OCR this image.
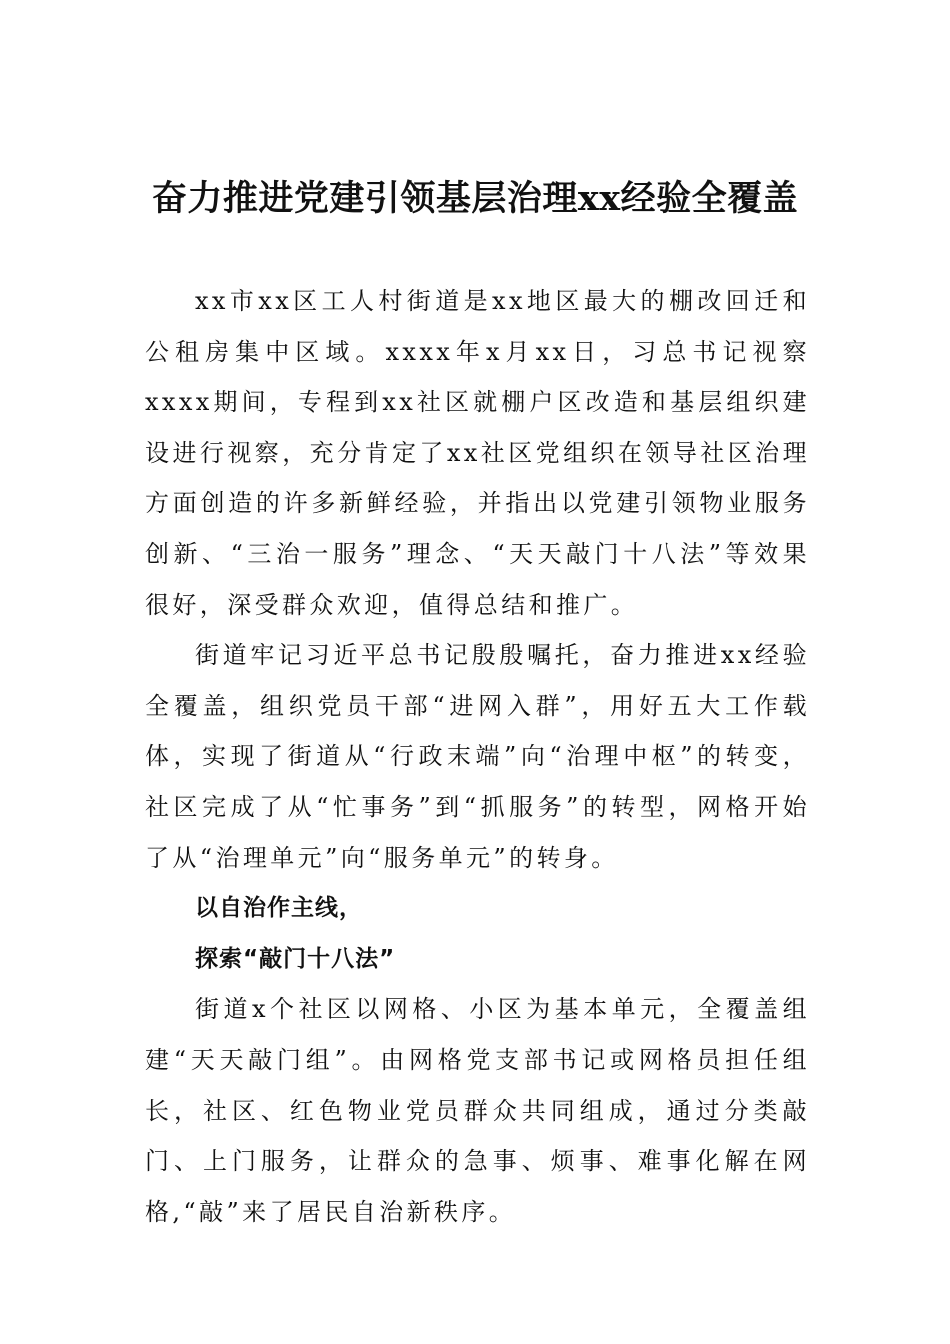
奋力推进党建引领基层治理xx经验全覆盖

xx市xx区工人村街道是xx地区最大的棚改回迁和公租房集中区域。xxxx年x月xx日，习总书记视察xxxx期间，专程到xx社区就棚户区改造和基层组织建设进行视察，充分肯定了xx社区党组织在领导社区治理方面创造的许多新鲜经验，并指出以党建引领物业服务创新、“三治一服务”理念、“天天敲门十八法”等效果很好，深受群众欢迎，值得总结和推广。

街道牢记习近平总书记殷殷嘱托，奋力推进xx经验全覆盖，组织党员干部“进网入群”，用好五大工作载体，实现了街道从“行政末端”向“治理中枢”的转变，社区完成了从“忙事务”到“抓服务”的转型，网格开始了从“治理单元”向“服务单元”的转身。

以自治作主线，

探索“敲门十八法”

街道x个社区以网格、小区为基本单元，全覆盖组建“天天敲门组”。由网格党支部书记或网格员担任组长，社区、红色物业党员群众共同组成，通过分类敲门、上门服务，让群众的急事、烦事、难事化解在网格,“敲”来了居民自治新秩序。
